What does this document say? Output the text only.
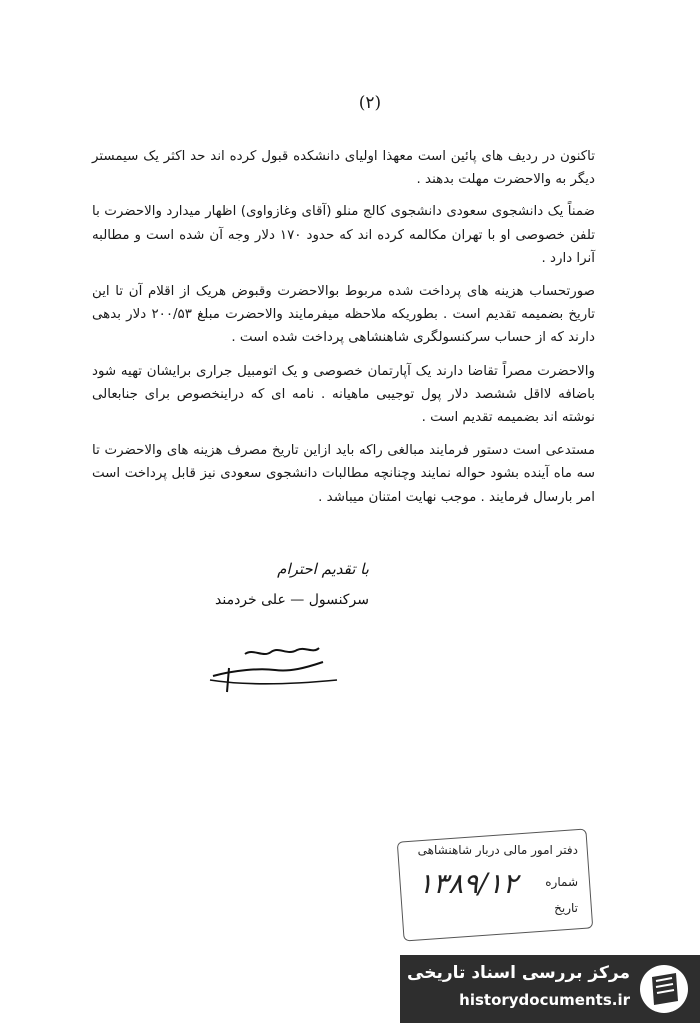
(۲)

تاکنون در ردیف های پائین است معهذا اولیای دانشکده قبول کرده اند حد اکثر یک سیمستر دیگر به والاحضرت مهلت بدهند .

ضمناً یک دانشجوی سعودی دانشجوی کالج منلو (آقای وغازواوی) اظهار میدارد والاحضرت با تلفن خصوصی او با تهران مکالمه کرده اند که حدود ۱۷۰ دلار وجه آن شده است و مطالبه آنرا دارد .

صورتحساب هزینه های پرداخت شده مربوط بوالاحضرت وقبوض هریک از اقلام آن تا این تاریخ بضمیمه تقدیم است . بطوریکه ملاحظه میفرمایند والاحضرت مبلغ ۲۰۰/۵۳ دلار بدهی دارند که از حساب سرکنسولگری شاهنشاهی پرداخت شده است .

والاحضرت مصراً تقاضا دارند یک آپارتمان خصوصی و یک اتومبیل جراری برایشان تهیه شود باضافه لااقل ششصد دلار پول توجیبی ماهیانه . نامه ای که دراینخصوص برای جنابعالی نوشته اند بضمیمه تقدیم است .

مستدعی است دستور فرمایند مبالغی راکه باید ازاین تاریخ مصرف هزینه های والاحضرت تا سه ماه آینده بشود حواله نمایند وچنانچه مطالبات دانشجوی سعودی نیز قابل پرداخت است امر بارسال فرمایند . موجب نهایت امتنان میباشد .

با تقدیم احترام
سرکنسول — علی خردمند
دفتر امور مالی دربار شاهنشاهی
شماره
تاریخ
۱۳۸۹/۱۲
مرکز بررسی اسناد تاریخی
historydocuments.ir
